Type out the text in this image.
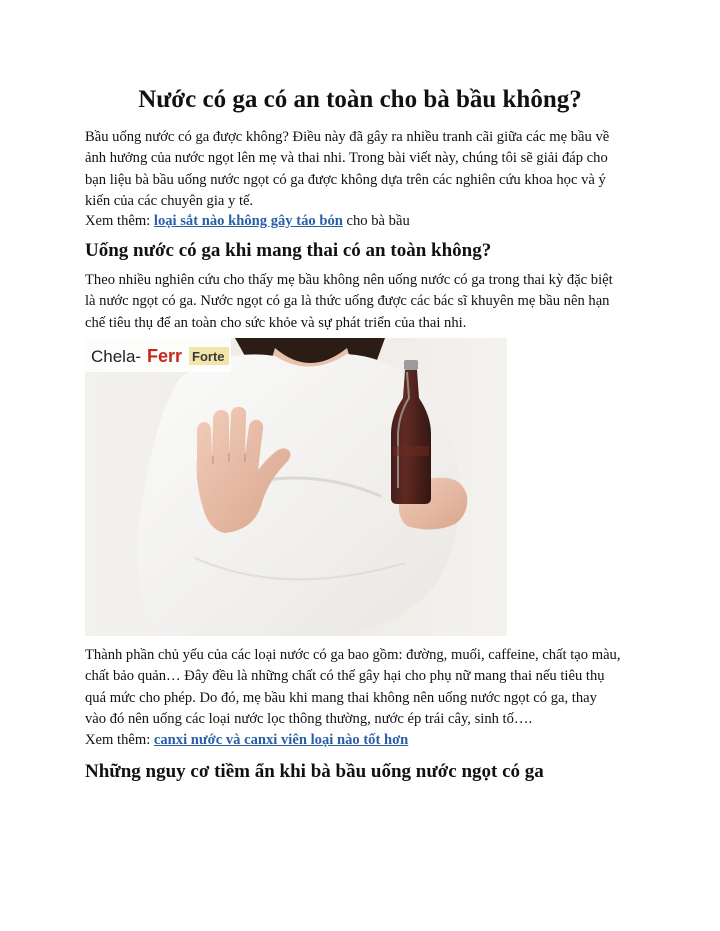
Nước có ga có an toàn cho bà bầu không?
Bầu uống nước có ga được không? Điều này đã gây ra nhiều tranh cãi giữa các mẹ bầu về
ảnh hưởng của nước ngọt lên mẹ và thai nhi. Trong bài viết này, chúng tôi sẽ giải đáp cho
bạn liệu bà bầu uống nước ngọt có ga được không dựa trên các nghiên cứu khoa học và ý
kiến của các chuyên gia y tế.
Xem thêm: loại sắt nào không gây táo bón cho bà bầu
Uống nước có ga khi mang thai có an toàn không?
Theo nhiều nghiên cứu cho thấy mẹ bầu không nên uống nước có ga trong thai kỳ đặc biệt
là nước ngọt có ga. Nước ngọt có ga là thức uống được các bác sĩ khuyên mẹ bầu nên hạn
chế tiêu thụ để an toàn cho sức khỏe và sự phát triển của thai nhi.
Chela- Ferr Forte
Thành phần chủ yếu của các loại nước có ga bao gồm: đường, muối, caffeine, chất tạo màu,
chất bảo quản… Đây đều là những chất có thể gây hại cho phụ nữ mang thai nếu tiêu thụ
quá mức cho phép. Do đó, mẹ bầu khi mang thai không nên uống nước ngọt có ga, thay
vào đó nên uống các loại nước lọc thông thường, nước ép trái cây, sinh tố….
Xem thêm: canxi nước và canxi viên loại nào tốt hơn
Những nguy cơ tiềm ẩn khi bà bầu uống nước ngọt có ga
